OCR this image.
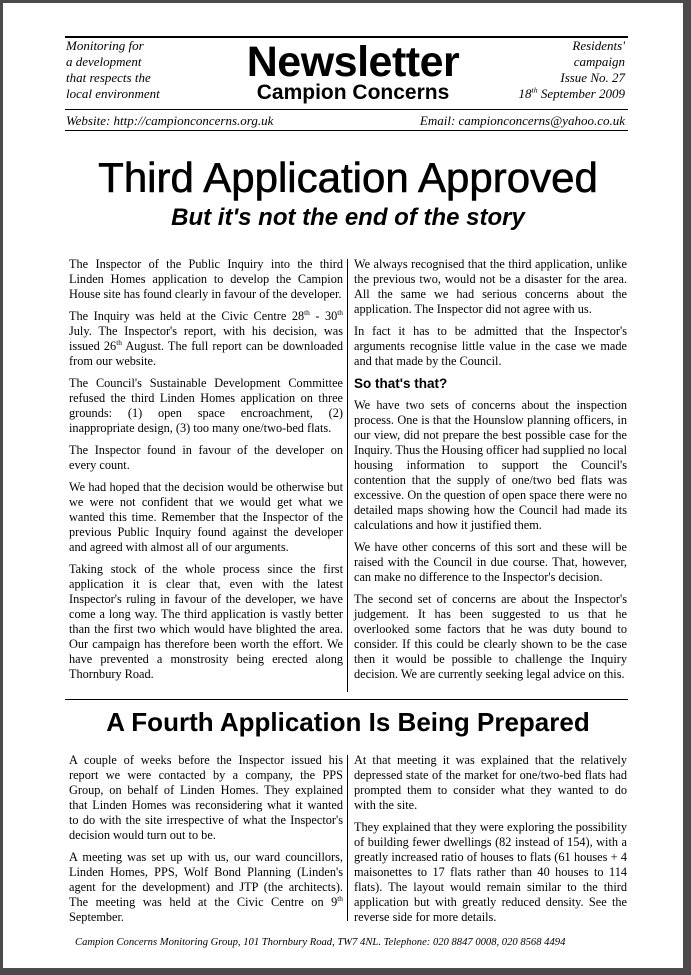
Monitoring for
a development
that respects the
local environment
Newsletter
Campion Concerns
Residents'
campaign
Issue No. 27
18th September 2009
Website: http://campionconcerns.org.uk	Email: campionconcerns@yahoo.co.uk
Third Application Approved
But it's not the end of the story

The Inspector of the Public Inquiry into the third Linden Homes application to develop the Campion House site has found clearly in favour of the developer.

The Inquiry was held at the Civic Centre 28th - 30th July. The Inspector's report, with his decision, was issued 26th August. The full report can be downloaded from our website.

The Council's Sustainable Development Committee refused the third Linden Homes application on three grounds: (1) open space encroachment, (2) inappropriate design, (3) too many one/two-bed flats.

The Inspector found in favour of the developer on every count.

We had hoped that the decision would be otherwise but we were not confident that we would get what we wanted this time. Remember that the Inspector of the previous Public Inquiry found against the developer and agreed with almost all of our arguments.

Taking stock of the whole process since the first application it is clear that, even with the latest Inspector's ruling in favour of the developer, we have come a long way. The third application is vastly better than the first two which would have blighted the area. Our campaign has therefore been worth the effort. We have prevented a monstrosity being erected along Thornbury Road.

We always recognised that the third application, unlike the previous two, would not be a disaster for the area. All the same we had serious concerns about the application. The Inspector did not agree with us.

In fact it has to be admitted that the Inspector's arguments recognise little value in the case we made and that made by the Council.

So that's that?

We have two sets of concerns about the inspection process. One is that the Hounslow planning officers, in our view, did not prepare the best possible case for the Inquiry. Thus the Housing officer had supplied no local housing information to support the Council's contention that the supply of one/two bed flats was excessive. On the question of open space there were no detailed maps showing how the Council had made its calculations and how it justified them.

We have other concerns of this sort and these will be raised with the Council in due course. That, however, can make no difference to the Inspector's decision.

The second set of concerns are about the Inspector's judgement. It has been suggested to us that he overlooked some factors that he was duty bound to consider. If this could be clearly shown to be the case then it would be possible to challenge the Inquiry decision. We are currently seeking legal advice on this.

A Fourth Application Is Being Prepared

A couple of weeks before the Inspector issued his report we were contacted by a company, the PPS Group, on behalf of Linden Homes. They explained that Linden Homes was reconsidering what it wanted to do with the site irrespective of what the Inspector's decision would turn out to be.

A meeting was set up with us, our ward councillors, Linden Homes, PPS, Wolf Bond Planning (Linden's agent for the development) and JTP (the architects). The meeting was held at the Civic Centre on 9th September.

At that meeting it was explained that the relatively depressed state of the market for one/two-bed flats had prompted them to consider what they wanted to do with the site.

They explained that they were exploring the possibility of building fewer dwellings (82 instead of 154), with a greatly increased ratio of houses to flats (61 houses + 4 maisonettes to 17 flats rather than 40 houses to 114 flats). The layout would remain similar to the third application but with greatly reduced density. See the reverse side for more details.

Campion Concerns Monitoring Group, 101 Thornbury Road, TW7 4NL. Telephone: 020 8847 0008, 020 8568 4494
